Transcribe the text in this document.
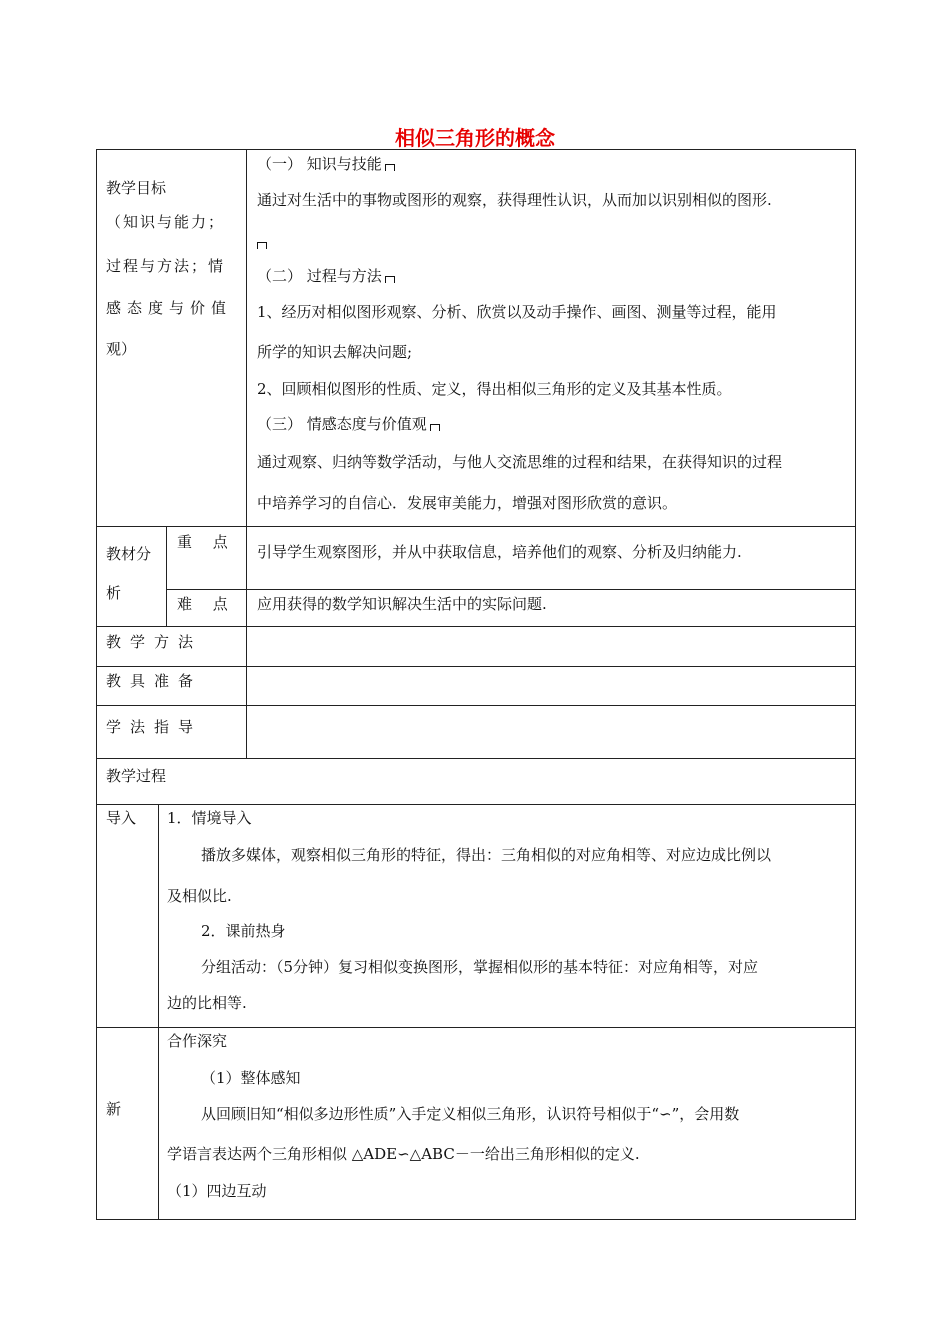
相似三角形的概念
教学目标
（知识与能力；
过程与方法；情
感态度与价值
观）
（一） 知识与技能
通过对生活中的事物或图形的观察，获得理性认识，从而加以识别相似的图形.
（二） 过程与方法
1、经历对相似图形观察、分析、欣赏以及动手操作、画图、测量等过程，能用
所学的知识去解决问题;
2、回顾相似图形的性质、定义，得出相似三角形的定义及其基本性质。
（三） 情感态度与价值观
通过观察、归纳等数学活动，与他人交流思维的过程和结果，在获得知识的过程
中培养学习的自信心．发展审美能力，增强对图形欣赏的意识。
教材分
析
重 点
引导学生观察图形，并从中获取信息，培养他们的观察、分析及归纳能力.
难 点 应用获得的数学知识解决生活中的实际问题.
教学方法
教具准备
学法指导
教学过程
导入 1．情境导入
播放多媒体，观察相似三角形的特征，得出：三角相似的对应角相等、对应边成比例以
及相似比.
2．课前热身
分组活动：（5分钟）复习相似变换图形，掌握相似形的基本特征：对应角相等，对应
边的比相等.
新
合作深究
（1）整体感知
从回顾旧知“相似多边形性质”入手定义相似三角形，认识符号相似于“∽”，会用数
学语言表达两个三角形相似 △ADE∽△ABC－一给出三角形相似的定义.
（1）四边互动
